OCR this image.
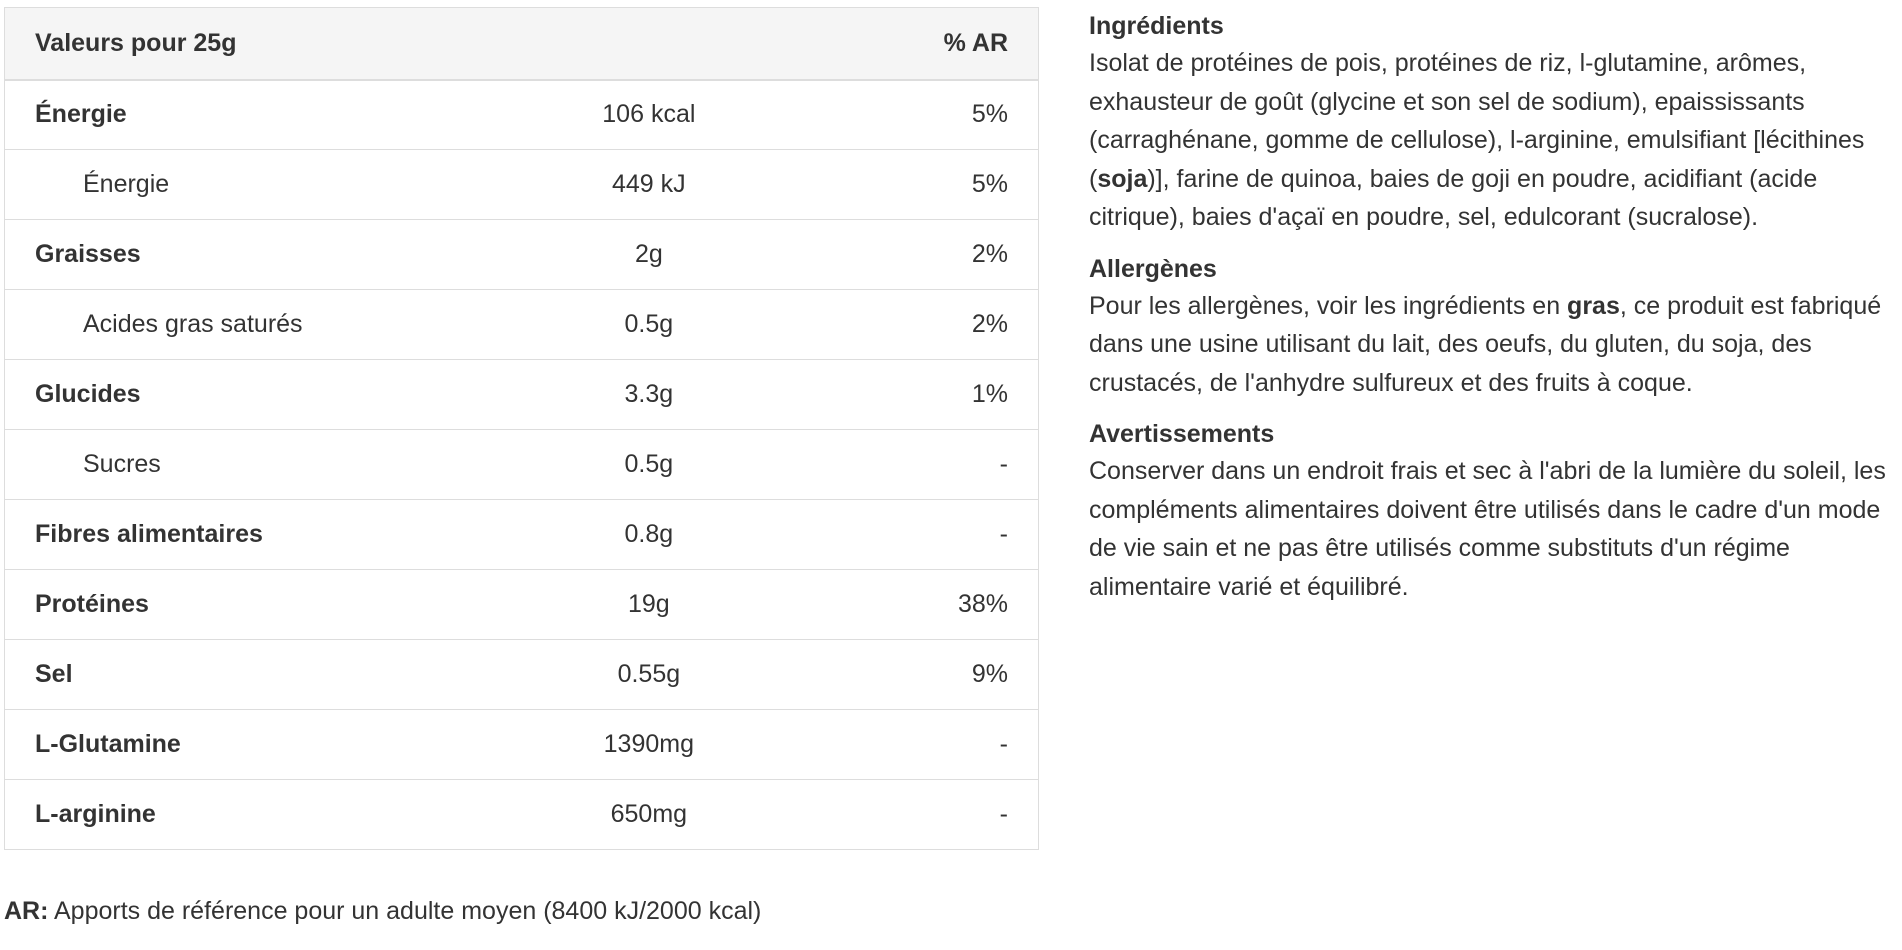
Valeurs pour 25g		% AR
Énergie	106 kcal	5%
Énergie	449 kJ	5%
Graisses	2g	2%
Acides gras saturés	0.5g	2%
Glucides	3.3g	1%
Sucres	0.5g	-
Fibres alimentaires	0.8g	-
Protéines	19g	38%
Sel	0.55g	9%
L-Glutamine	1390mg	-
L-arginine	650mg	-

AR: Apports de référence pour un adulte moyen (8400 kJ/2000 kcal)

Ingrédients

Isolat de protéines de pois, protéines de riz, l-glutamine, arômes, exhausteur de goût (glycine et son sel de sodium), epaississants (carraghénane, gomme de cellulose), l-arginine, emulsifiant [lécithines (soja)], farine de quinoa, baies de goji en poudre, acidifiant (acide citrique), baies d'açaï en poudre, sel, edulcorant (sucralose).

Allergènes

Pour les allergènes, voir les ingrédients en gras, ce produit est fabriqué dans une usine utilisant du lait, des oeufs, du gluten, du soja, des crustacés, de l'anhydre sulfureux et des fruits à coque.

Avertissements

Conserver dans un endroit frais et sec à l'abri de la lumière du soleil, les compléments alimentaires doivent être utilisés dans le cadre d'un mode de vie sain et ne pas être utilisés comme substituts d'un régime alimentaire varié et équilibré.
